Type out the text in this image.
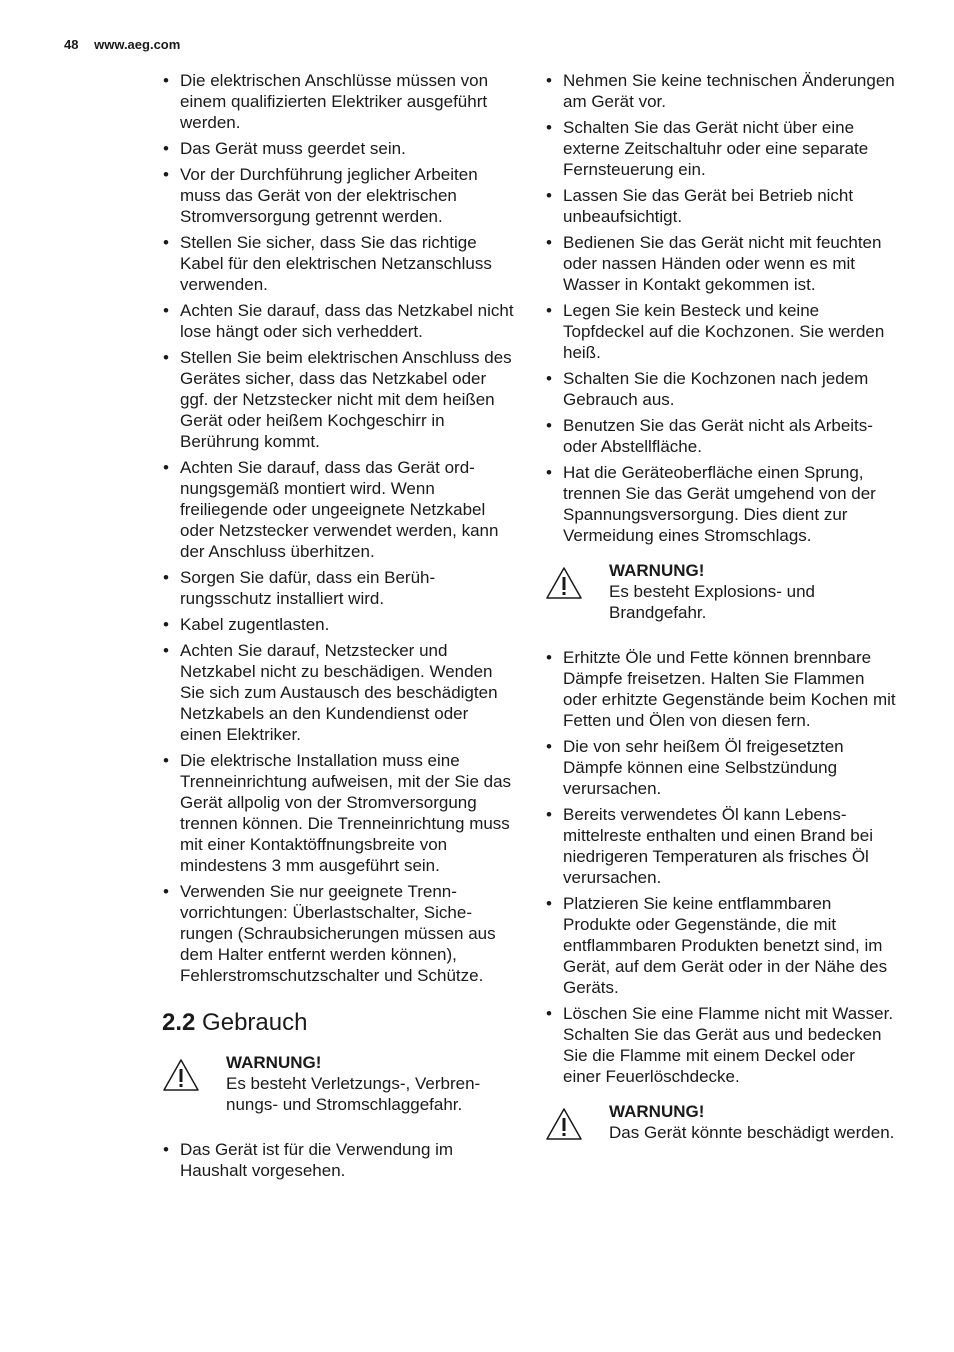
48 www.aeg.com
• Die elektrischen Anschlüsse müssen von einem qualifizierten Elektriker ausgeführt werden.
• Das Gerät muss geerdet sein.
• Vor der Durchführung jeglicher Arbeiten muss das Gerät von der elektrischen Stromversorgung getrennt werden.
• Stellen Sie sicher, dass Sie das richtige Kabel für den elektrischen Netzanschluss verwenden.
• Achten Sie darauf, dass das Netzkabel nicht lose hängt oder sich verheddert.
• Stellen Sie beim elektrischen Anschluss des Gerätes sicher, dass das Netzkabel oder ggf. der Netzstecker nicht mit dem heißen Gerät oder heißem Kochgeschirr in Berührung kommt.
• Achten Sie darauf, dass das Gerät ordnungsgemäß montiert wird. Wenn freiliegende oder ungeeignete Netzkabel oder Netzstecker verwendet werden, kann der Anschluss überhitzen.
• Sorgen Sie dafür, dass ein Berührungsschutz installiert wird.
• Kabel zugentlasten.
• Achten Sie darauf, Netzstecker und Netzkabel nicht zu beschädigen. Wenden Sie sich zum Austausch des beschädigten Netzkabels an den Kundendienst oder einen Elektriker.
• Die elektrische Installation muss eine Trenneinrichtung aufweisen, mit der Sie das Gerät allpolig von der Stromversorgung trennen können. Die Trenneinrichtung muss mit einer Kontaktöffnungsbreite von mindestens 3 mm ausgeführt sein.
• Verwenden Sie nur geeignete Trennvorrichtungen: Überlastschalter, Sicherungen (Schraubsicherungen müssen aus dem Halter entfernt werden können), Fehlerstromschutzschalter und Schütze.
2.2 Gebrauch
WARNUNG!
Es besteht Verletzungs-, Verbrennungs- und Stromschlaggefahr.
• Das Gerät ist für die Verwendung im Haushalt vorgesehen.
• Nehmen Sie keine technischen Änderungen am Gerät vor.
• Schalten Sie das Gerät nicht über eine externe Zeitschaltuhr oder eine separate Fernsteuerung ein.
• Lassen Sie das Gerät bei Betrieb nicht unbeaufsichtigt.
• Bedienen Sie das Gerät nicht mit feuchten oder nassen Händen oder wenn es mit Wasser in Kontakt gekommen ist.
• Legen Sie kein Besteck und keine Topfdeckel auf die Kochzonen. Sie werden heiß.
• Schalten Sie die Kochzonen nach jedem Gebrauch aus.
• Benutzen Sie das Gerät nicht als Arbeits- oder Abstellfläche.
• Hat die Geräteoberfläche einen Sprung, trennen Sie das Gerät umgehend von der Spannungsversorgung. Dies dient zur Vermeidung eines Stromschlags.
WARNUNG!
Es besteht Explosions- und Brandgefahr.
• Erhitzte Öle und Fette können brennbare Dämpfe freisetzen. Halten Sie Flammen oder erhitzte Gegenstände beim Kochen mit Fetten und Ölen von diesen fern.
• Die von sehr heißem Öl freigesetzten Dämpfe können eine Selbstzündung verursachen.
• Bereits verwendetes Öl kann Lebensmittelreste enthalten und einen Brand bei niedrigeren Temperaturen als frisches Öl verursachen.
• Platzieren Sie keine entflammbaren Produkte oder Gegenstände, die mit entflammbaren Produkten benetzt sind, im Gerät, auf dem Gerät oder in der Nähe des Geräts.
• Löschen Sie eine Flamme nicht mit Wasser. Schalten Sie das Gerät aus und bedecken Sie die Flamme mit einem Deckel oder einer Feuerlöschdecke.
WARNUNG!
Das Gerät könnte beschädigt werden.
